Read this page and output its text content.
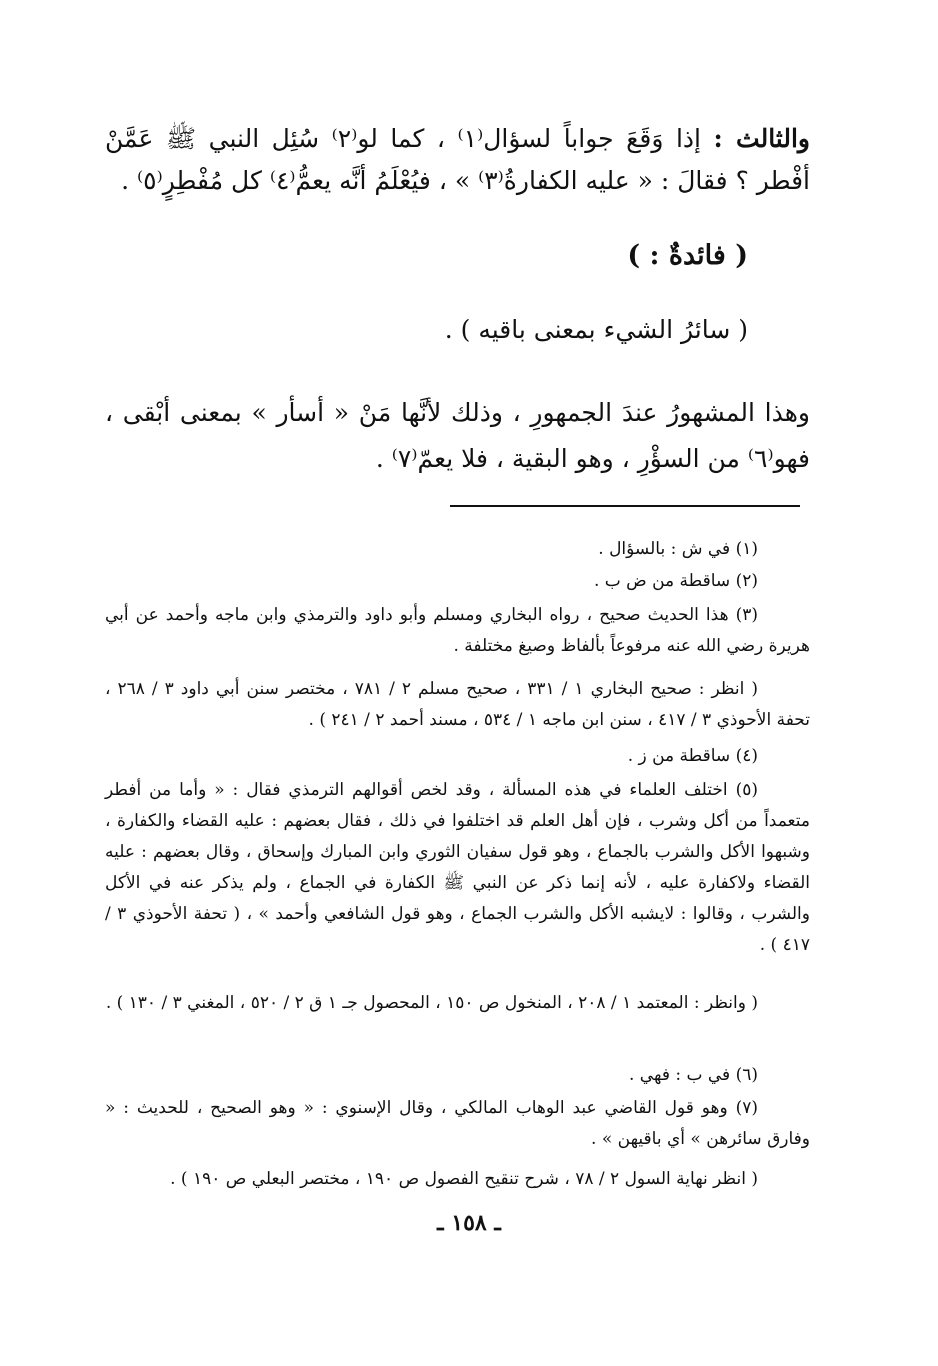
والثالث : إذا وَقَعَ جواباً لسؤال⁽١⁾ ، كما لو⁽٢⁾ سُئِل النبي ﷺ عَمَّنْ أفْطر ؟ فقالَ : « عليه الكفارةُ⁽٣⁾ » ، فيُعْلَمُ أنَّه يعمُّ⁽٤⁾ كل مُفْطِرٍ⁽٥⁾ .
( فائدةٌ : )
( سائرُ الشيء بمعنى باقيه ) .
وهذا المشهورُ عندَ الجمهورِ ، وذلك لأنَّها مَنْ « أسأر » بمعنى أبْقى ، فهو⁽٦⁾ من السؤْرِ ، وهو البقية ، فلا يعمّ⁽٧⁾ .
(١) في ش : بالسؤال .
(٢) ساقطة من ض ب .
(٣) هذا الحديث صحيح ، رواه البخاري ومسلم وأبو داود والترمذي وابن ماجه وأحمد عن أبي هريرة رضي الله عنه مرفوعاً بألفاظ وصيغ مختلفة .
( انظر : صحيح البخاري ١ / ٣٣١ ، صحيح مسلم ٢ / ٧٨١ ، مختصر سنن أبي داود ٣ / ٢٦٨ ، تحفة الأحوذي ٣ / ٤١٧ ، سنن ابن ماجه ١ / ٥٣٤ ، مسند أحمد ٢ / ٢٤١ ) .
(٤) ساقطة من ز .
(٥) اختلف العلماء في هذه المسألة ، وقد لخص أقوالهم الترمذي فقال : « وأما من أفطر متعمداً من أكل وشرب ، فإن أهل العلم قد اختلفوا في ذلك ، فقال بعضهم : عليه القضاء والكفارة ، وشبهوا الأكل والشرب بالجماع ، وهو قول سفيان الثوري وابن المبارك وإسحاق ، وقال بعضهم : عليه القضاء ولاكفارة عليه ، لأنه إنما ذكر عن النبي ﷺ الكفارة في الجماع ، ولم يذكر عنه في الأكل والشرب ، وقالوا : لايشبه الأكل والشرب الجماع ، وهو قول الشافعي وأحمد » ، ( تحفة الأحوذي ٣ / ٤١٧ ) .
( وانظر : المعتمد ١ / ٢٠٨ ، المنخول ص ١٥٠ ، المحصول جـ ١ ق ٢ / ٥٢٠ ، المغني ٣ / ١٣٠ ) .
(٦) في ب : فهي .
(٧) وهو قول القاضي عبد الوهاب المالكي ، وقال الإسنوي : « وهو الصحيح ، للحديث : « وفارق سائرهن » أي باقيهن » .
( انظر نهاية السول ٢ / ٧٨ ، شرح تنقيح الفصول ص ١٩٠ ، مختصر البعلي ص ١٩٠ ) .
ـ ١٥٨ ـ
